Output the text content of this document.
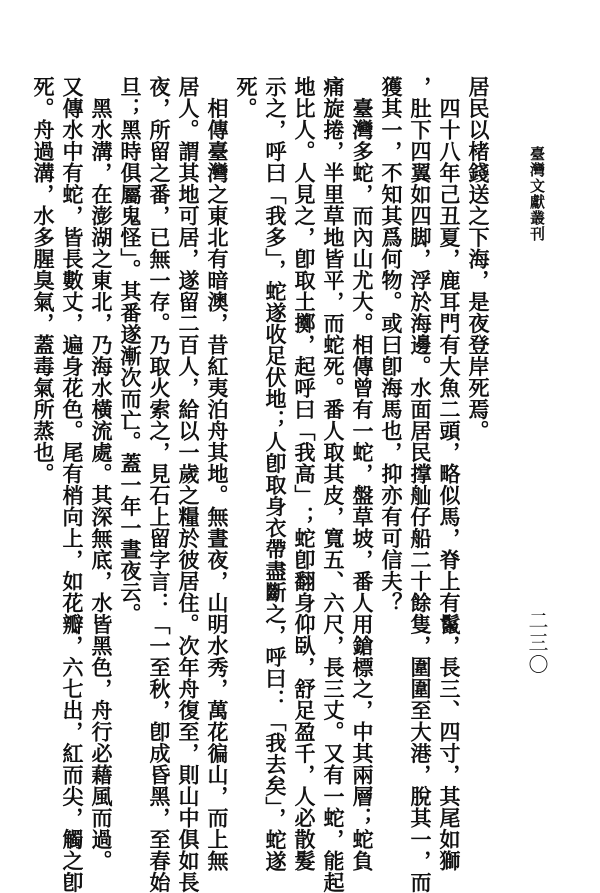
臺灣文獻叢刊
二三〇
居民以楮錢送之下海，是夜登岸死焉。
　四十八年己丑夏，鹿耳門有大魚二頭，略似馬，脊上有鬣，長三、四寸，其尾如獅
，肚下四翼如四脚，浮於海邊。水面居民撑舢仔船二十餘隻，圍圍至大港，脫其一，而
獲其一，不知其爲何物。或曰卽海馬也，抑亦有可信夫？
　臺灣多蛇，而內山尤大。相傳曾有一蛇，盤草坡，番人用鎗標之，中其兩層；蛇負
痛旋捲，半里草地皆平，而蛇死。番人取其皮，寬五、六尺，長三丈。又有一蛇，能起
地比人。人見之，卽取土擲，起呼曰「我高」；蛇卽翻身仰臥，舒足盈千，人必散髮
示之，呼曰「我多」，蛇遂收足伏地；人卽取身衣帶盡斷之，呼曰：「我去矣」，蛇遂
死。
　相傳臺灣之東北有暗澳，昔紅夷泊舟其地。無晝夜，山明水秀，萬花徧山，而上無
居人。謂其地可居，遂留二百人，給以一歲之糧於彼居住。次年舟復至，則山中俱如長
夜，所留之番，已無一存。乃取火索之，見石上留字言：「一至秋，卽成昏黑，至春始
旦；黑時俱屬鬼怪」。其番遂漸次而亡。蓋一年一晝夜云。
　黑水溝，在澎湖之東北，乃海水橫流處。其深無底，水皆黑色，舟行必藉風而過。
又傳水中有蛇，皆長數丈，遍身花色。尾有梢向上，如花瓣，六七出，紅而尖，觸之卽
死。舟過溝，水多腥臭氣，蓋毒氣所蒸也。
